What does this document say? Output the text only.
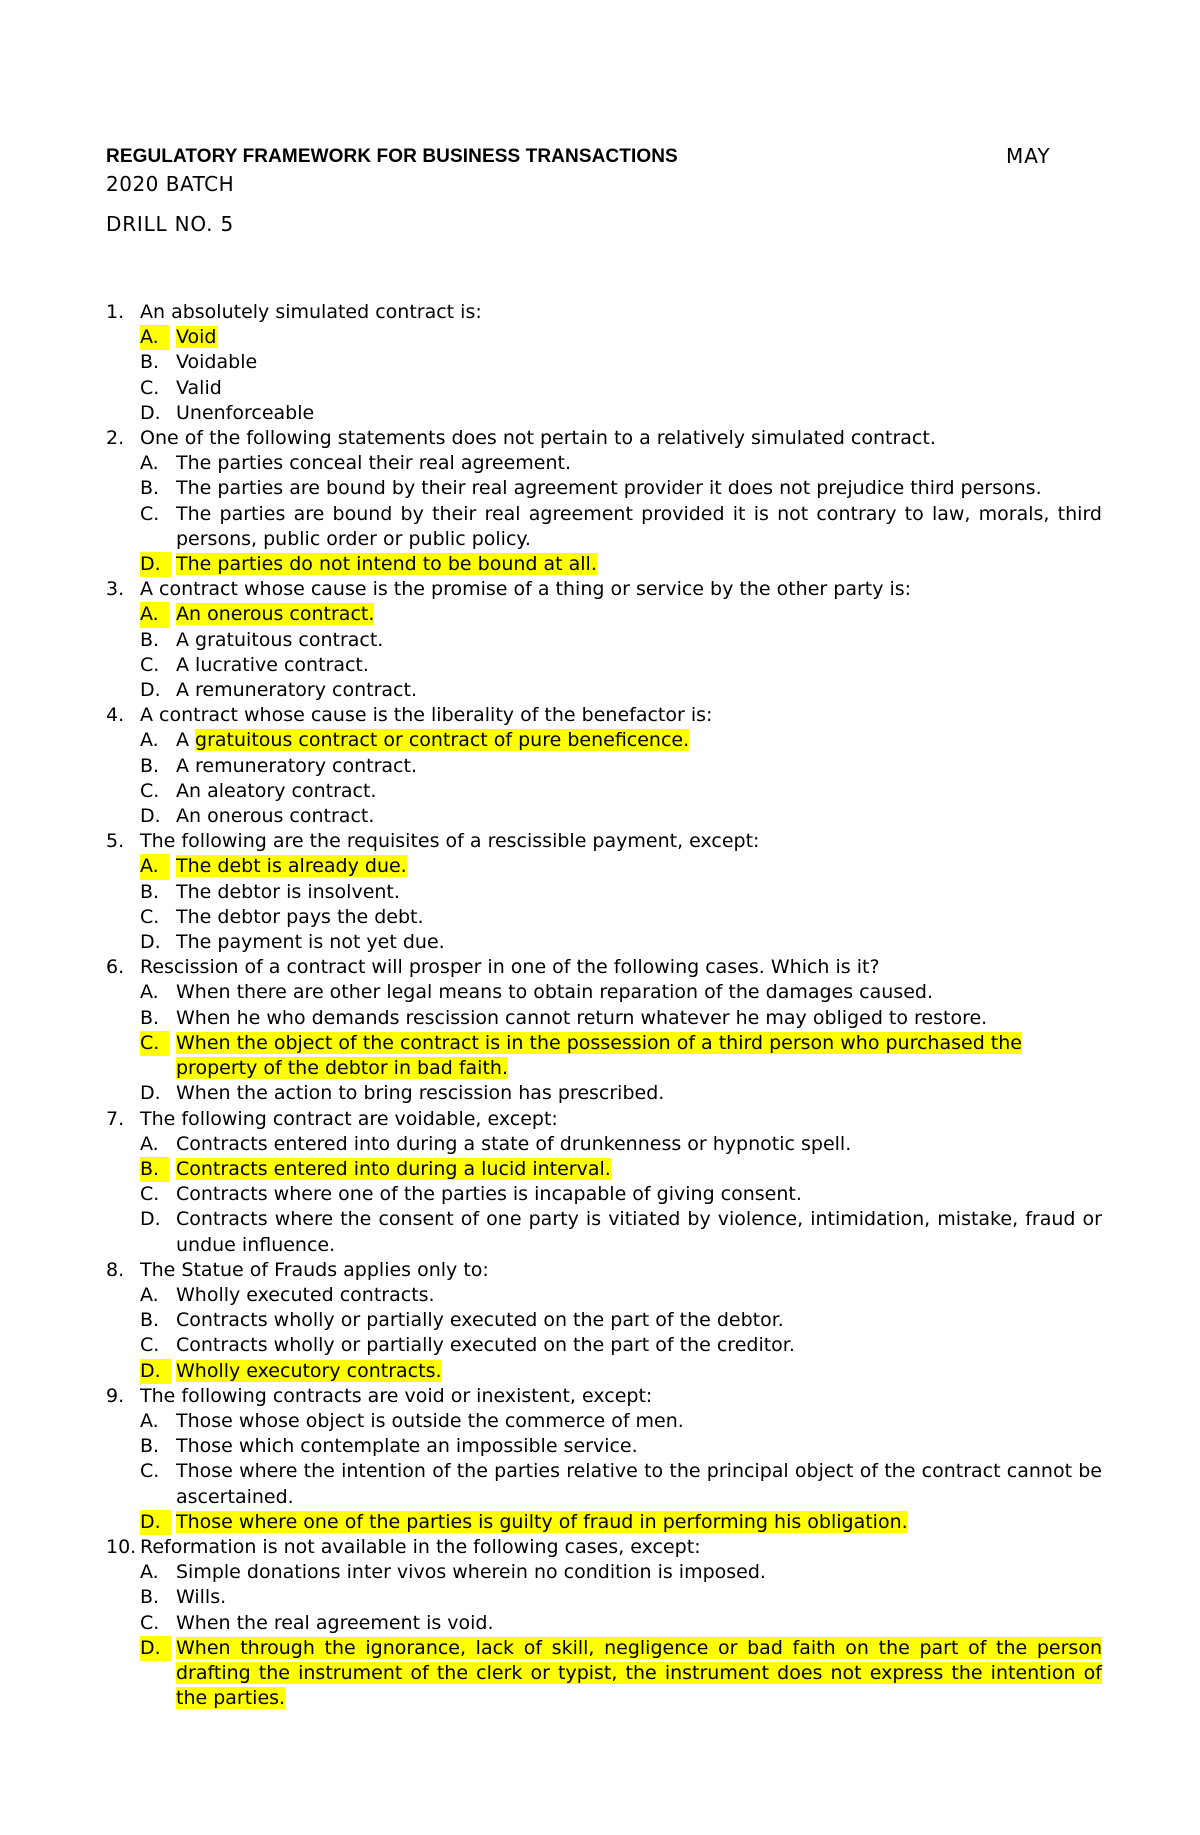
REGULATORY FRAMEWORK FOR BUSINESS TRANSACTIONS	MAY
2020 BATCH
DRILL NO. 5
1. An absolutely simulated contract is:
A. Void
B. Voidable
C. Valid
D. Unenforceable
2. One of the following statements does not pertain to a relatively simulated contract.
A. The parties conceal their real agreement.
B. The parties are bound by their real agreement provider it does not prejudice third persons.
C. The parties are bound by their real agreement provided it is not contrary to law, morals, third persons, public order or public policy.
D. The parties do not intend to be bound at all.
3. A contract whose cause is the promise of a thing or service by the other party is:
A. An onerous contract.
B. A gratuitous contract.
C. A lucrative contract.
D. A remuneratory contract.
4. A contract whose cause is the liberality of the benefactor is:
A. A gratuitous contract or contract of pure beneficence.
B. A remuneratory contract.
C. An aleatory contract.
D. An onerous contract.
5. The following are the requisites of a rescissible payment, except:
A. The debt is already due.
B. The debtor is insolvent.
C. The debtor pays the debt.
D. The payment is not yet due.
6. Rescission of a contract will prosper in one of the following cases. Which is it?
A. When there are other legal means to obtain reparation of the damages caused.
B. When he who demands rescission cannot return whatever he may obliged to restore.
C. When the object of the contract is in the possession of a third person who purchased the property of the debtor in bad faith.
D. When the action to bring rescission has prescribed.
7. The following contract are voidable, except:
A. Contracts entered into during a state of drunkenness or hypnotic spell.
B. Contracts entered into during a lucid interval.
C. Contracts where one of the parties is incapable of giving consent.
D. Contracts where the consent of one party is vitiated by violence, intimidation, mistake, fraud or undue influence.
8. The Statue of Frauds applies only to:
A. Wholly executed contracts.
B. Contracts wholly or partially executed on the part of the debtor.
C. Contracts wholly or partially executed on the part of the creditor.
D. Wholly executory contracts.
9. The following contracts are void or inexistent, except:
A. Those whose object is outside the commerce of men.
B. Those which contemplate an impossible service.
C. Those where the intention of the parties relative to the principal object of the contract cannot be ascertained.
D. Those where one of the parties is guilty of fraud in performing his obligation.
10. Reformation is not available in the following cases, except:
A. Simple donations inter vivos wherein no condition is imposed.
B. Wills.
C. When the real agreement is void.
D. When through the ignorance, lack of skill, negligence or bad faith on the part of the person drafting the instrument of the clerk or typist, the instrument does not express the intention of the parties.
